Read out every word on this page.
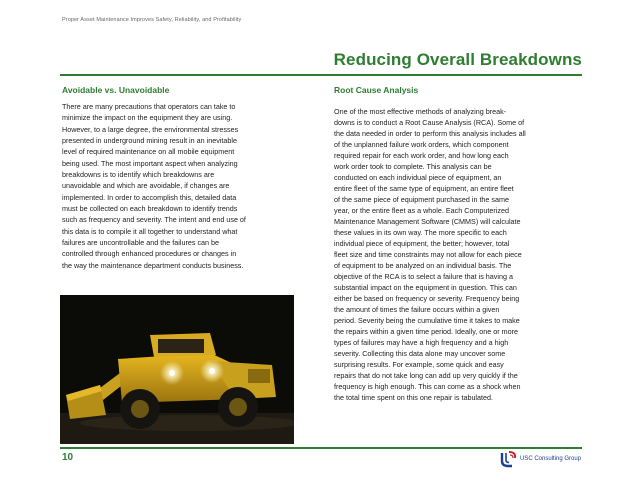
Proper Asset Maintenance Improves Safety, Reliability, and Profitability
Reducing Overall Breakdowns
Avoidable vs. Unavoidable

There are many precautions that operators can take to
minimize the impact on the equipment they are using.
However, to a large degree, the environmental stresses
presented in underground mining result in an inevitable
level of required maintenance on all mobile equipment
being used. The most important aspect when analyzing
breakdowns is to identify which breakdowns are
unavoidable and which are avoidable, if changes are
implemented. In order to accomplish this, detailed data
must be collected on each breakdown to identify trends
such as frequency and severity. The intent and end use of
this data is to compile it all together to understand what
failures are uncontrollable and the failures can be
controlled through enhanced procedures or changes in
the way the maintenance department conducts business.

Root Cause Analysis

One of the most effective methods of analyzing break-
downs is to conduct a Root Cause Analysis (RCA). Some of
the data needed in order to perform this analysis includes all
of the unplanned failure work orders, which component
required repair for each work order, and how long each
work order took to complete. This analysis can be
conducted on each individual piece of equipment, an
entire fleet of the same type of equipment, an entire fleet
of the same piece of equipment purchased in the same
year, or the entire fleet as a whole. Each Computerized
Maintenance Management Software (CMMS) will calculate
these values in its own way. The more specific to each
individual piece of equipment, the better; however, total
fleet size and time constraints may not allow for each piece
of equipment to be analyzed on an individual basis. The
objective of the RCA is to select a failure that is having a
substantial impact on the equipment in question. This can
either be based on frequency or severity. Frequency being
the amount of times the failure occurs within a given
period. Severity being the cumulative time it takes to make
the repairs within a given time period. Ideally, one or more
types of failures may have a high frequency and a high
severity. Collecting this data alone may uncover some
surprising results. For example, some quick and easy
repairs that do not take long can add up very quickly if the
frequency is high enough. This can come as a shock when
the total time spent on this one repair is tabulated.

10	USC Consulting Group
